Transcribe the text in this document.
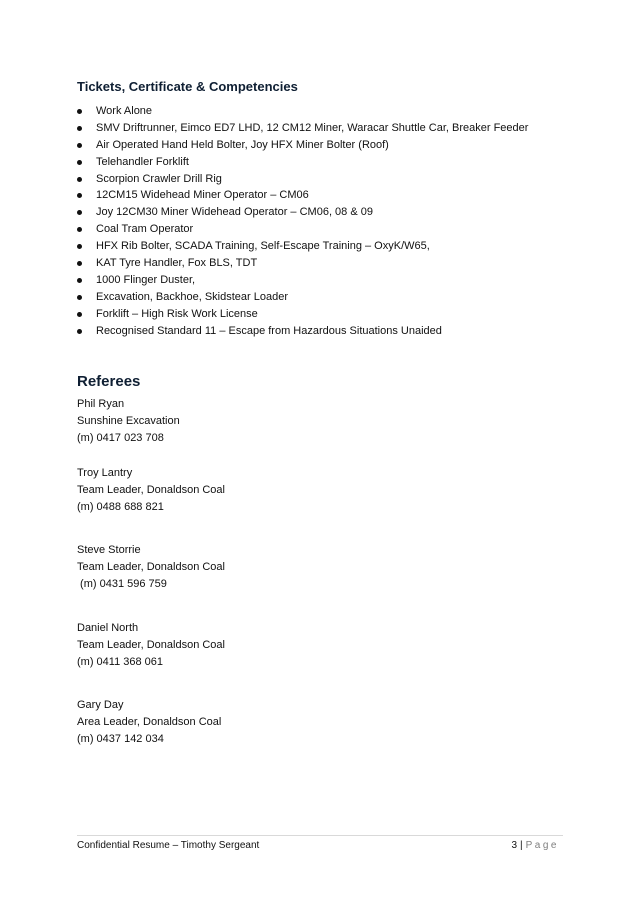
Tickets, Certificate & Competencies
Work Alone
SMV Driftrunner, Eimco ED7 LHD, 12 CM12 Miner, Waracar Shuttle Car, Breaker Feeder
Air Operated Hand Held Bolter, Joy HFX Miner Bolter (Roof)
Telehandler Forklift
Scorpion Crawler Drill Rig
12CM15 Widehead Miner Operator – CM06
Joy 12CM30 Miner Widehead Operator – CM06, 08 & 09
Coal Tram Operator
HFX Rib Bolter, SCADA Training, Self-Escape Training – OxyK/W65,
KAT Tyre Handler, Fox BLS, TDT
1000 Flinger Duster,
Excavation, Backhoe, Skidstear Loader
Forklift – High Risk Work License
Recognised Standard 11 – Escape from Hazardous Situations Unaided
Referees
Phil Ryan
Sunshine Excavation
(m) 0417 023 708
Troy Lantry
Team Leader, Donaldson Coal
(m) 0488 688 821
Steve Storrie
Team Leader, Donaldson Coal
(m) 0431 596 759
Daniel North
Team Leader, Donaldson Coal
(m) 0411 368 061
Gary Day
Area Leader, Donaldson Coal
(m) 0437 142 034
Confidential Resume – Timothy Sergeant	3 | Page
